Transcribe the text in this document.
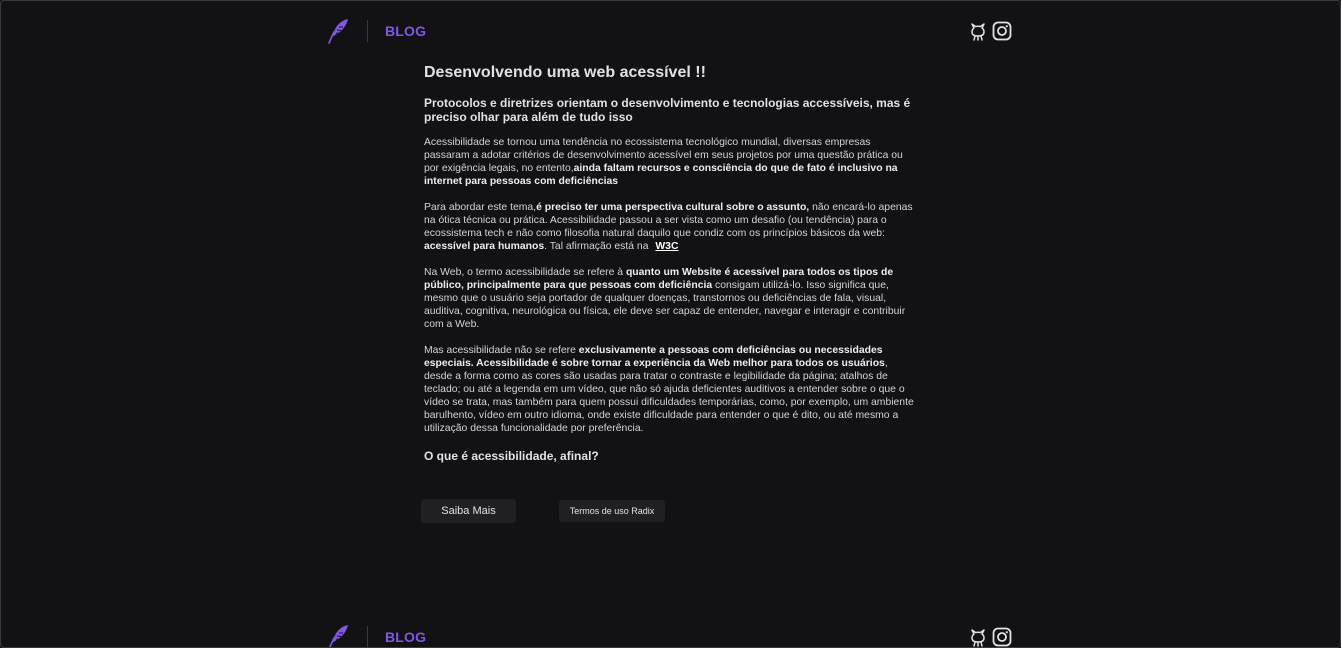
BLOG
Desenvolvendo uma web acessível !!
Protocolos e diretrizes orientam o desenvolvimento e tecnologias accessíveis, mas é preciso olhar para além de tudo isso

Acessibilidade se tornou uma tendência no ecossistema tecnológico mundial, diversas empresas passaram a adotar critérios de desenvolvimento acessível em seus projetos por uma questão prática ou por exigência legais, no entento,ainda faltam recursos e consciência do que de fato é inclusivo na internet para pessoas com deficiências

Para abordar este tema,é preciso ter uma perspectiva cultural sobre o assunto, não encará-lo apenas na ótica técnica ou prática. Acessibilidade passou a ser vista como um desafio (ou tendência) para o ecossistema tech e não como filosofia natural daquilo que condiz com os princípios básicos da web: acessível para humanos. Tal afirmação está na W3C

Na Web, o termo acessibilidade se refere à quanto um Website é acessível para todos os tipos de público, principalmente para que pessoas com deficiência consigam utilizá-lo. Isso significa que, mesmo que o usuário seja portador de qualquer doenças, transtornos ou deficiências de fala, visual, auditiva, cognitiva, neurológica ou física, ele deve ser capaz de entender, navegar e interagir e contribuir com a Web.

Mas acessibilidade não se refere exclusivamente a pessoas com deficiências ou necessidades especiais. Acessibilidade é sobre tornar a experiência da Web melhor para todos os usuários, desde a forma como as cores são usadas para tratar o contraste e legibilidade da página; atalhos de teclado; ou até a legenda em um vídeo, que não só ajuda deficientes auditivos a entender sobre o que o vídeo se trata, mas também para quem possui dificuldades temporárias, como, por exemplo, um ambiente barulhento, vídeo em outro idioma, onde existe dificuldade para entender o que é dito, ou até mesmo a utilização dessa funcionalidade por preferência.

O que é acessibilidade, afinal?
Saiba Mais	Termos de uso Radix
BLOG
